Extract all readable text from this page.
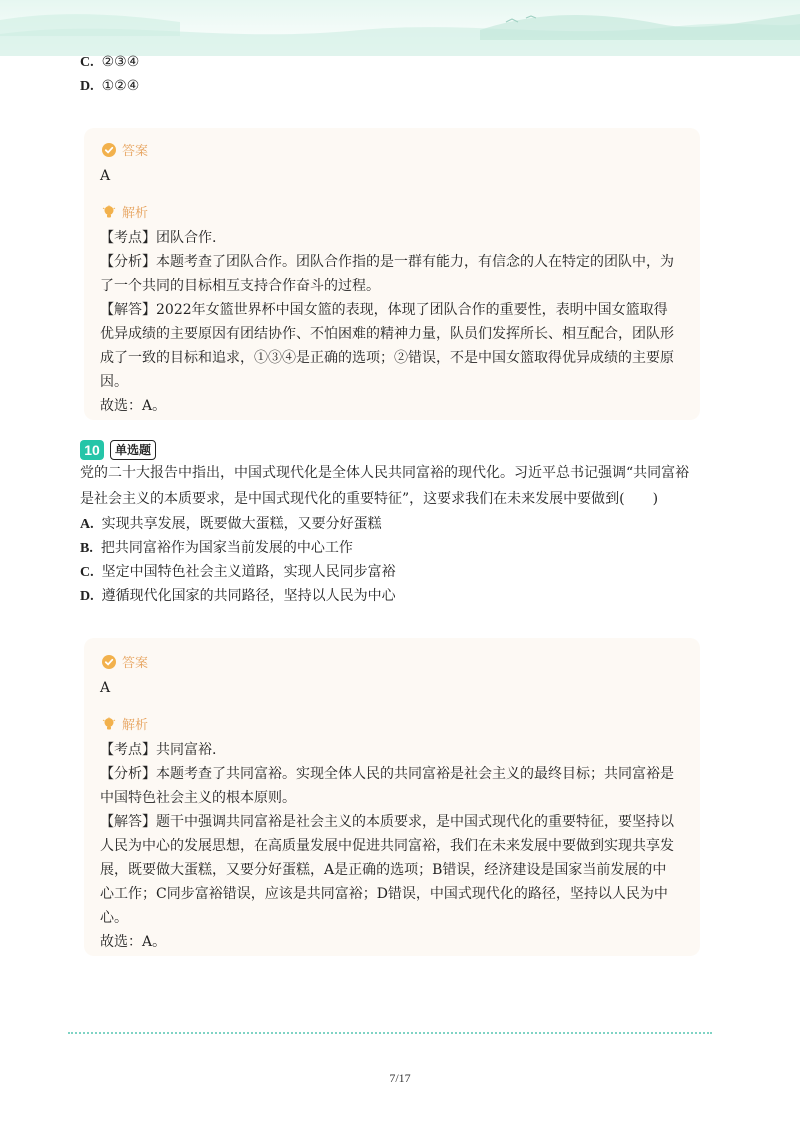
C. ②③④
D. ①②④
答案
A
解析
【考点】团队合作.
【分析】本题考查了团队合作。团队合作指的是一群有能力，有信念的人在特定的团队中，为了一个共同的目标相互支持合作奋斗的过程。
【解答】2022年女篮世界杯中国女篮的表现，体现了团队合作的重要性，表明中国女篮取得优异成绩的主要原因有团结协作、不怕困难的精神力量，队员们发挥所长、相互配合，团队形成了一致的目标和追求，①③④是正确的选项；②错误，不是中国女篮取得优异成绩的主要原因。
故选：A。
10	单选题
党的二十大报告中指出，中国式现代化是全体人民共同富裕的现代化。习近平总书记强调“共同富裕是社会主义的本质要求，是中国式现代化的重要特征”，这要求我们在未来发展中要做到(　　)
A. 实现共享发展，既要做大蛋糕，又要分好蛋糕
B. 把共同富裕作为国家当前发展的中心工作
C. 坚定中国特色社会主义道路，实现人民同步富裕
D. 遵循现代化国家的共同路径，坚持以人民为中心
答案
A
解析
【考点】共同富裕.
【分析】本题考查了共同富裕。实现全体人民的共同富裕是社会主义的最终目标；共同富裕是中国特色社会主义的根本原则。
【解答】题干中强调共同富裕是社会主义的本质要求，是中国式现代化的重要特征，要坚持以人民为中心的发展思想，在高质量发展中促进共同富裕，我们在未来发展中要做到实现共享发展，既要做大蛋糕，又要分好蛋糕，A是正确的选项；B错误，经济建设是国家当前发展的中心工作；C同步富裕错误，应该是共同富裕；D错误，中国式现代化的路径，坚持以人民为中心。
故选：A。
7/17
